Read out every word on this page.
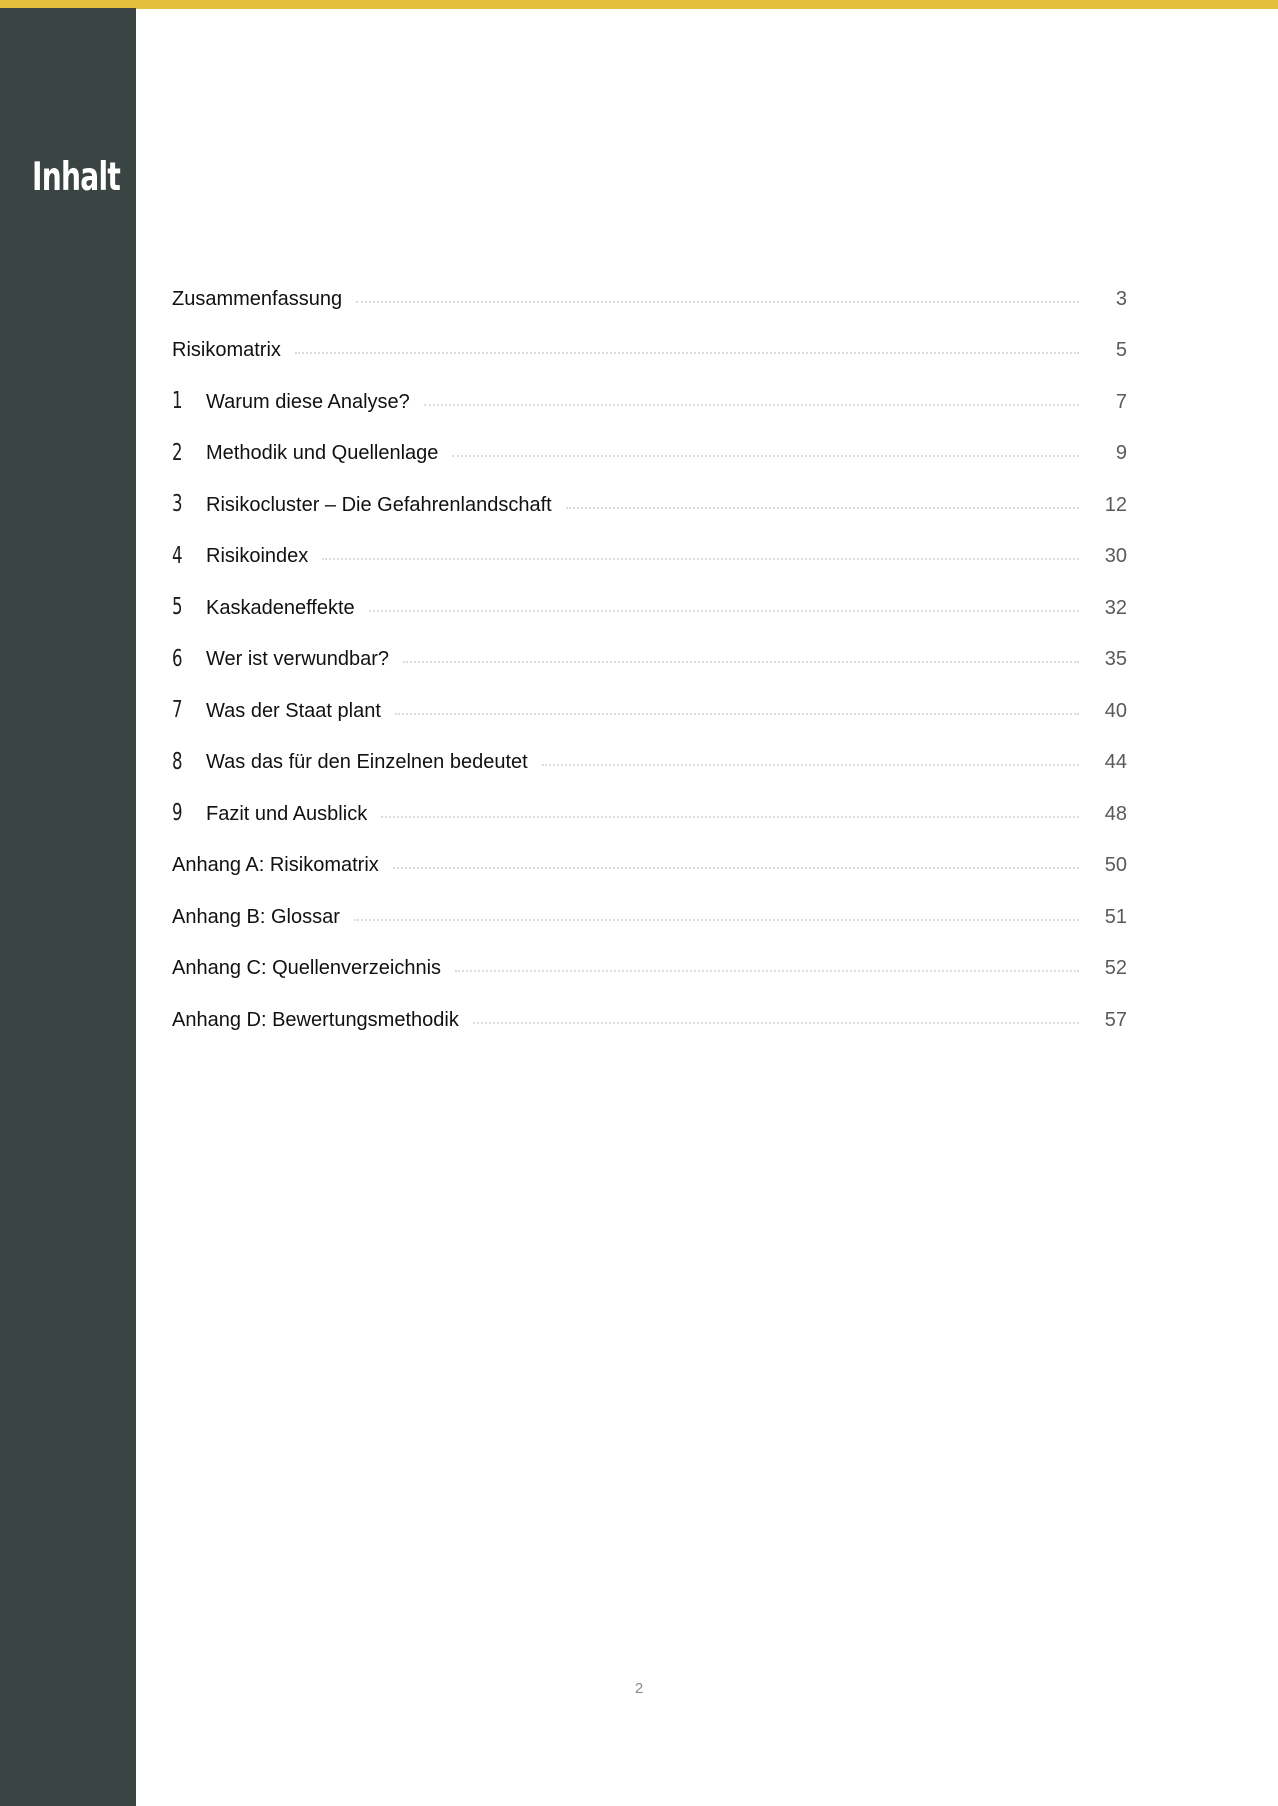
Inhalt
Zusammenfassung	3
Risikomatrix	5
1	Warum diese Analyse?	7
2	Methodik und Quellenlage	9
3	Risikocluster – Die Gefahrenlandschaft	12
4	Risikoindex	30
5	Kaskadeneffekte	32
6	Wer ist verwundbar?	35
7	Was der Staat plant	40
8	Was das für den Einzelnen bedeutet	44
9	Fazit und Ausblick	48
Anhang A: Risikomatrix	50
Anhang B: Glossar	51
Anhang C: Quellenverzeichnis	52
Anhang D: Bewertungsmethodik	57
2
